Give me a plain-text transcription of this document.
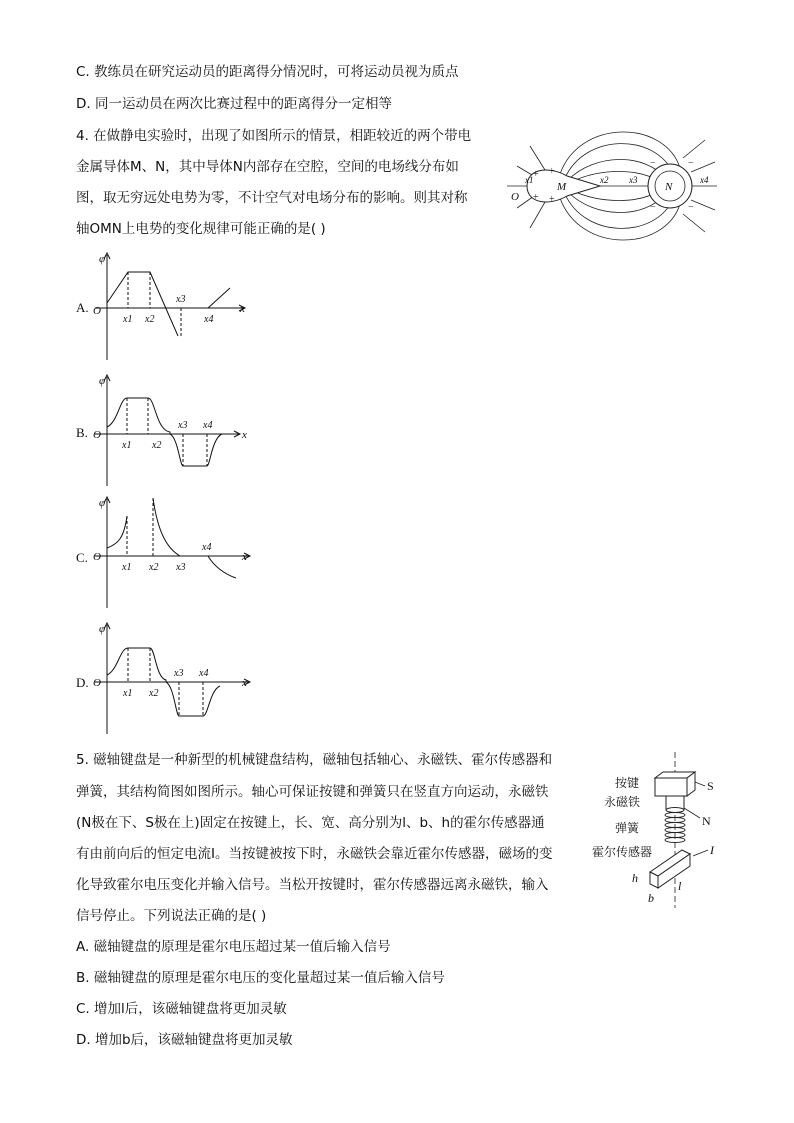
C. 教练员在研究运动员的距离得分情况时，可将运动员视为质点
D. 同一运动员在两次比赛过程中的距离得分一定相等
4. 在做静电实验时，出现了如图所示的情景，相距较近的两个带电
金属导体M、N，其中导体N内部存在空腔，空间的电场线分布如
图，取无穷远处电势为零，不计空气对电场分布的影响。则其对称
轴OMN上电势的变化规律可能正确的是( )
+
+
+
+
−
−
−
−
O
M	N
x1	x2 x3	x4
A.
φ
x
O
x1 x2
x3
x4
B.
φ
x
O
x1 x2
x3 x4
C.
φ
x
O
x1 x2 x3
x4
D.
φ
x
O
x1 x2
x3 x4
5. 磁轴键盘是一种新型的机械键盘结构，磁轴包括轴心、永磁铁、霍尔传感器和
弹簧，其结构简图如图所示。轴心可保证按键和弹簧只在竖直方向运动，永磁铁
(N极在下、S极在上)固定在按键上，长、宽、高分别为l、b、h的霍尔传感器通
有由前向后的恒定电流I。当按键被按下时，永磁铁会靠近霍尔传感器，磁场的变
化导致霍尔电压变化并输入信号。当松开按键时，霍尔传感器远离永磁铁，输入
信号停止。下列说法正确的是( )
A. 磁轴键盘的原理是霍尔电压超过某一值后输入信号
B. 磁轴键盘的原理是霍尔电压的变化量超过某一值后输入信号
C. 增加l后，该磁轴键盘将更加灵敏
D. 增加b后，该磁轴键盘将更加灵敏
按键
永磁铁
弹簧
霍尔传感器
S
N
I
h
b
l
